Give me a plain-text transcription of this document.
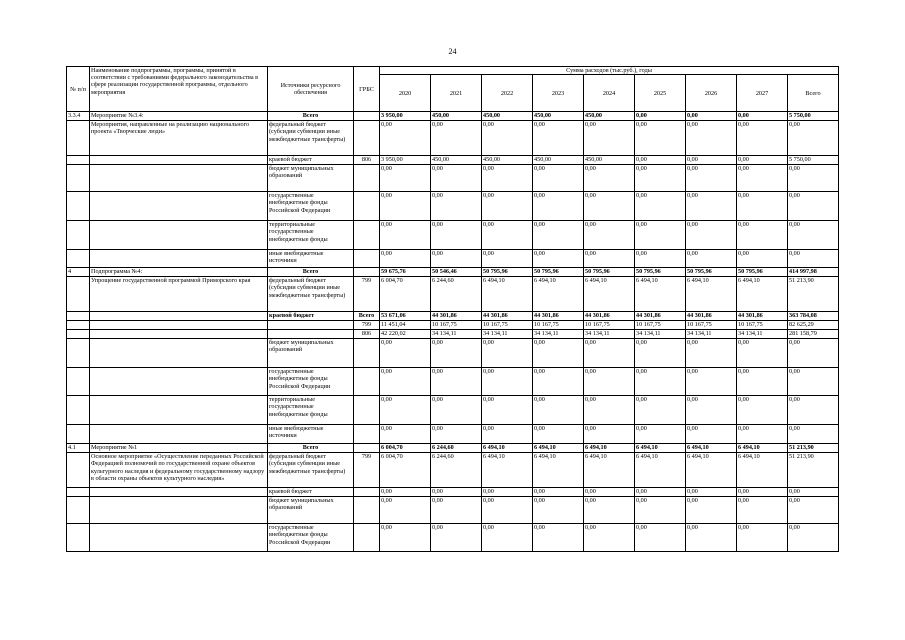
24
№ п/п	Наименование подпрограммы, программы, принятой в соответствии с требованиями федерального законодательства в сфере реализации государственной программы, отдельного мероприятия	Источники ресурсного обеспечения	ГРБС	Сумма расходов (тыс.руб.), годы								
				2020	2021	2022	2023	2024	2025	2026	2027	Всего
3.3.4	Мероприятие №3.4:	Всего		3 950,00	450,00	450,00	450,00	450,00	0,00	0,00	0,00	5 750,00
	Мероприятия, направленные на реализацию национального проекта «Творческие люди»	федеральный бюджет (субсидии субвенции иные межбюджетные трансферты)		0,00	0,00	0,00	0,00	0,00	0,00	0,00	0,00	0,00
		краевой бюджет	806	3 950,00	450,00	450,00	450,00	450,00	0,00	0,00	0,00	5 750,00
		бюджет муниципальных образований		0,00	0,00	0,00	0,00	0,00	0,00	0,00	0,00	0,00
		государственные внебюджетные фонды Российской Федерации		0,00	0,00	0,00	0,00	0,00	0,00	0,00	0,00	0,00
		территориальные государственные внебюджетные фонды		0,00	0,00	0,00	0,00	0,00	0,00	0,00	0,00	0,00
		иные внебюджетные источники		0,00	0,00	0,00	0,00	0,00	0,00	0,00	0,00	0,00
4	Подпрограмма №4:	Всего		59 675,76	50 546,46	50 795,96	50 795,96	50 795,96	50 795,96	50 795,96	50 795,96	414 997,98
	Упрощение государственной программой Приморского края	федеральный бюджет (субсидии субвенции иные межбюджетные трансферты)	799	6 004,70	6 244,60	6 494,10	6 494,10	6 494,10	6 494,10	6 494,10	6 494,10	51 213,90
		краевой бюджет	Всего	53 671,06	44 301,86	44 301,86	44 301,86	44 301,86	44 301,86	44 301,86	44 301,86	363 784,08
			799	11 451,04	10 167,75	10 167,75	10 167,75	10 167,75	10 167,75	10 167,75	10 167,75	82 625,29
			806	42 220,02	34 134,11	34 134,11	34 134,11	34 134,11	34 134,11	34 134,11	34 134,11	281 158,79
		бюджет муниципальных образований		0,00	0,00	0,00	0,00	0,00	0,00	0,00	0,00	0,00
		государственные внебюджетные фонды Российской Федерации		0,00	0,00	0,00	0,00	0,00	0,00	0,00	0,00	0,00
		территориальные государственные внебюджетные фонды		0,00	0,00	0,00	0,00	0,00	0,00	0,00	0,00	0,00
		иные внебюджетные источники		0,00	0,00	0,00	0,00	0,00	0,00	0,00	0,00	0,00
4.1	Мероприятие №1	Всего		6 004,70	6 244,60	6 494,10	6 494,10	6 494,10	6 494,10	6 494,10	6 494,10	51 213,90
	Основное мероприятие «Осуществление переданных Российской Федерацией полномочий по государственной охране объектов культурного наследия и федеральному государственному надзору в области охраны объектов культурного наследия»	федеральный бюджет (субсидии субвенции иные межбюджетные трансферты)	799	6 004,70	6 244,60	6 494,10	6 494,10	6 494,10	6 494,10	6 494,10	6 494,10	51 213,90
		краевой бюджет		0,00	0,00	0,00	0,00	0,00	0,00	0,00	0,00	0,00
		бюджет муниципальных образований		0,00	0,00	0,00	0,00	0,00	0,00	0,00	0,00	0,00
		государственные внебюджетные фонды Российской Федерации		0,00	0,00	0,00	0,00	0,00	0,00	0,00	0,00	0,00
